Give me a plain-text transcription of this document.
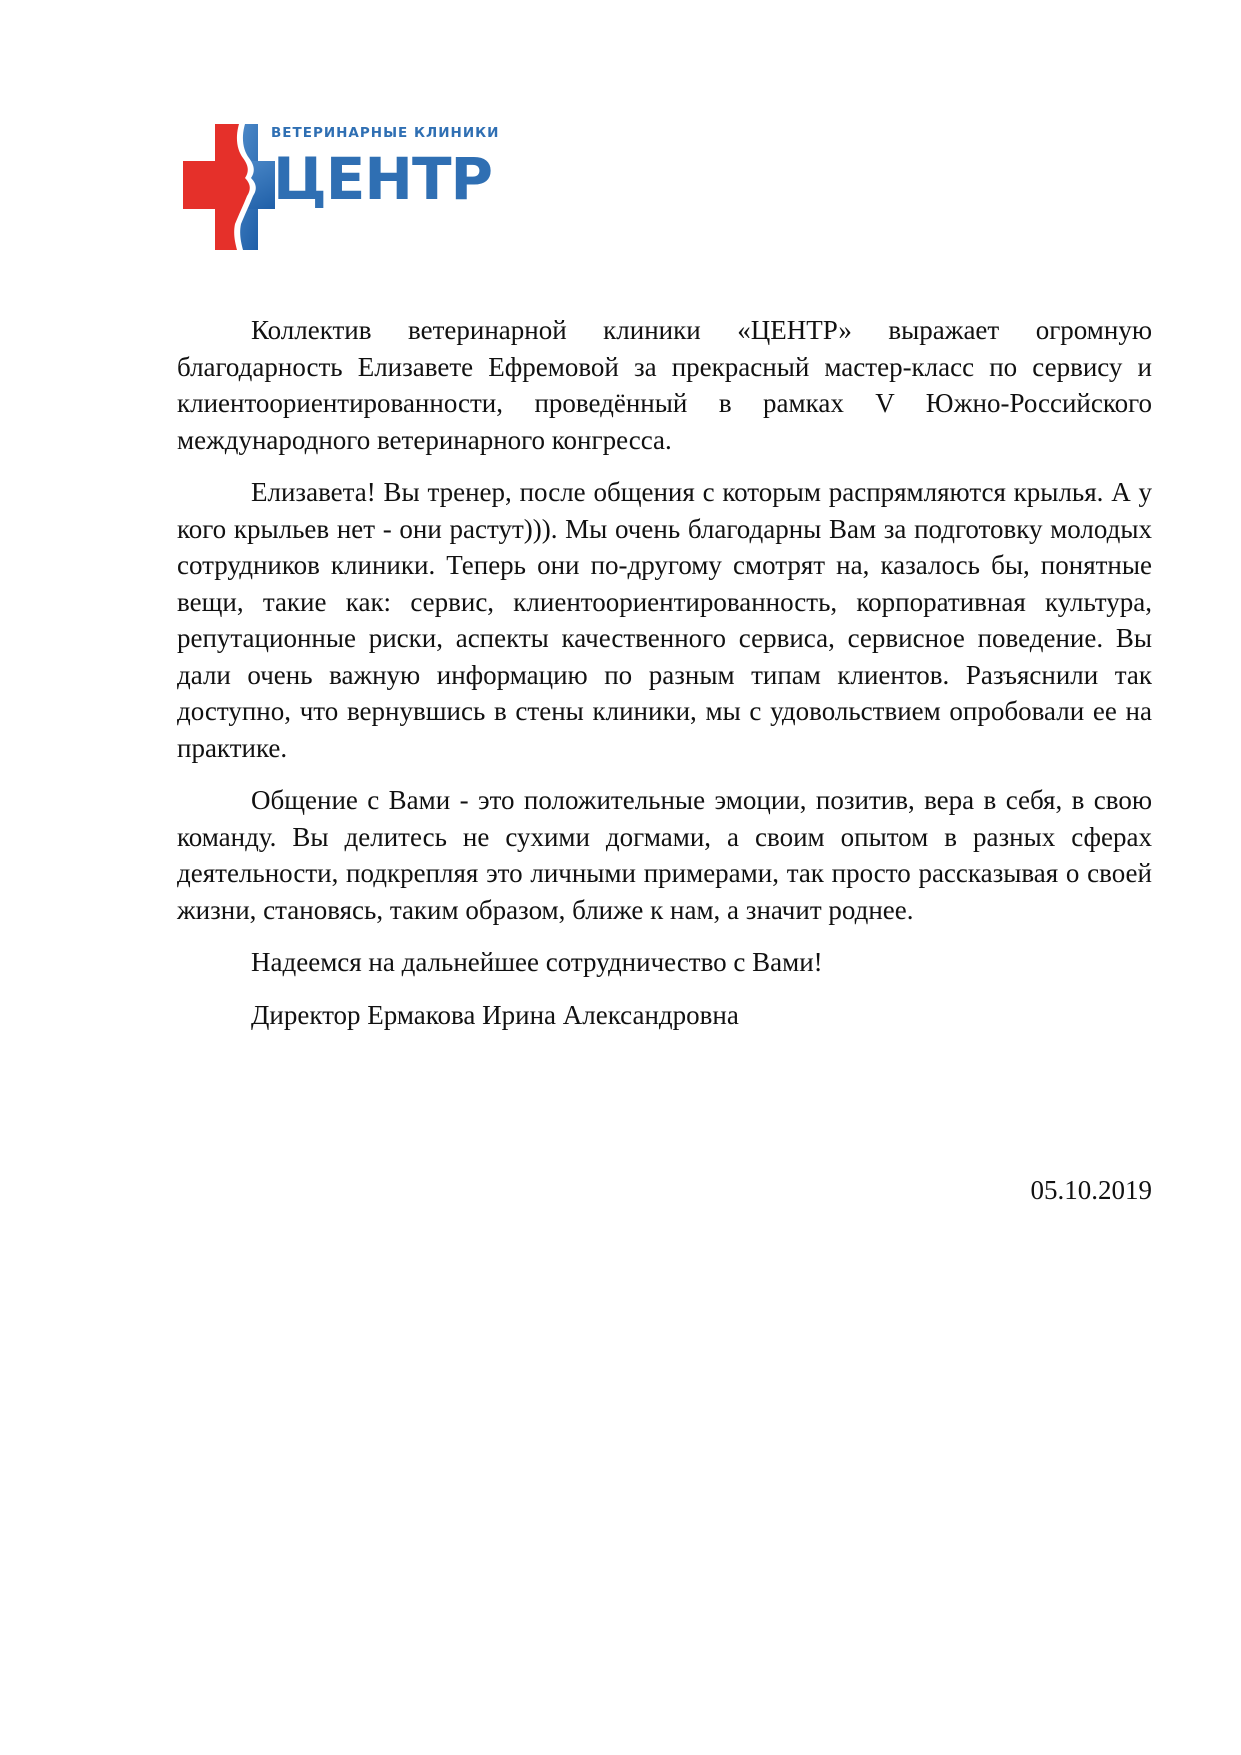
ВЕТЕРИНАРНЫЕ КЛИНИКИ
ЦЕНТР

Коллектив ветеринарной клиники «ЦЕНТР» выражает огромную благодарность Елизавете Ефремовой за прекрасный мастер-класс по сервису и клиентоориентированности, проведённый в рамках V Южно-Российского международного ветеринарного конгресса.

Елизавета! Вы тренер, после общения с которым распрямляются крылья. А у кого крыльев нет - они растут))). Мы очень благодарны Вам за подготовку молодых сотрудников клиники. Теперь они по-другому смотрят на, казалось бы, понятные вещи, такие как: сервис, клиентоориентированность, корпоративная культура, репутационные риски, аспекты качественного сервиса, сервисное поведение. Вы дали очень важную информацию по разным типам клиентов. Разъяснили так доступно, что вернувшись в стены клиники, мы с удовольствием опробовали ее на практике.

Общение с Вами - это положительные эмоции, позитив, вера в себя, в свою команду. Вы делитесь не сухими догмами, а своим опытом в разных сферах деятельности, подкрепляя это личными примерами, так просто рассказывая о своей жизни, становясь, таким образом, ближе к нам, а значит роднее.

Надеемся на дальнейшее сотрудничество с Вами!

Директор Ермакова Ирина Александровна

05.10.2019
